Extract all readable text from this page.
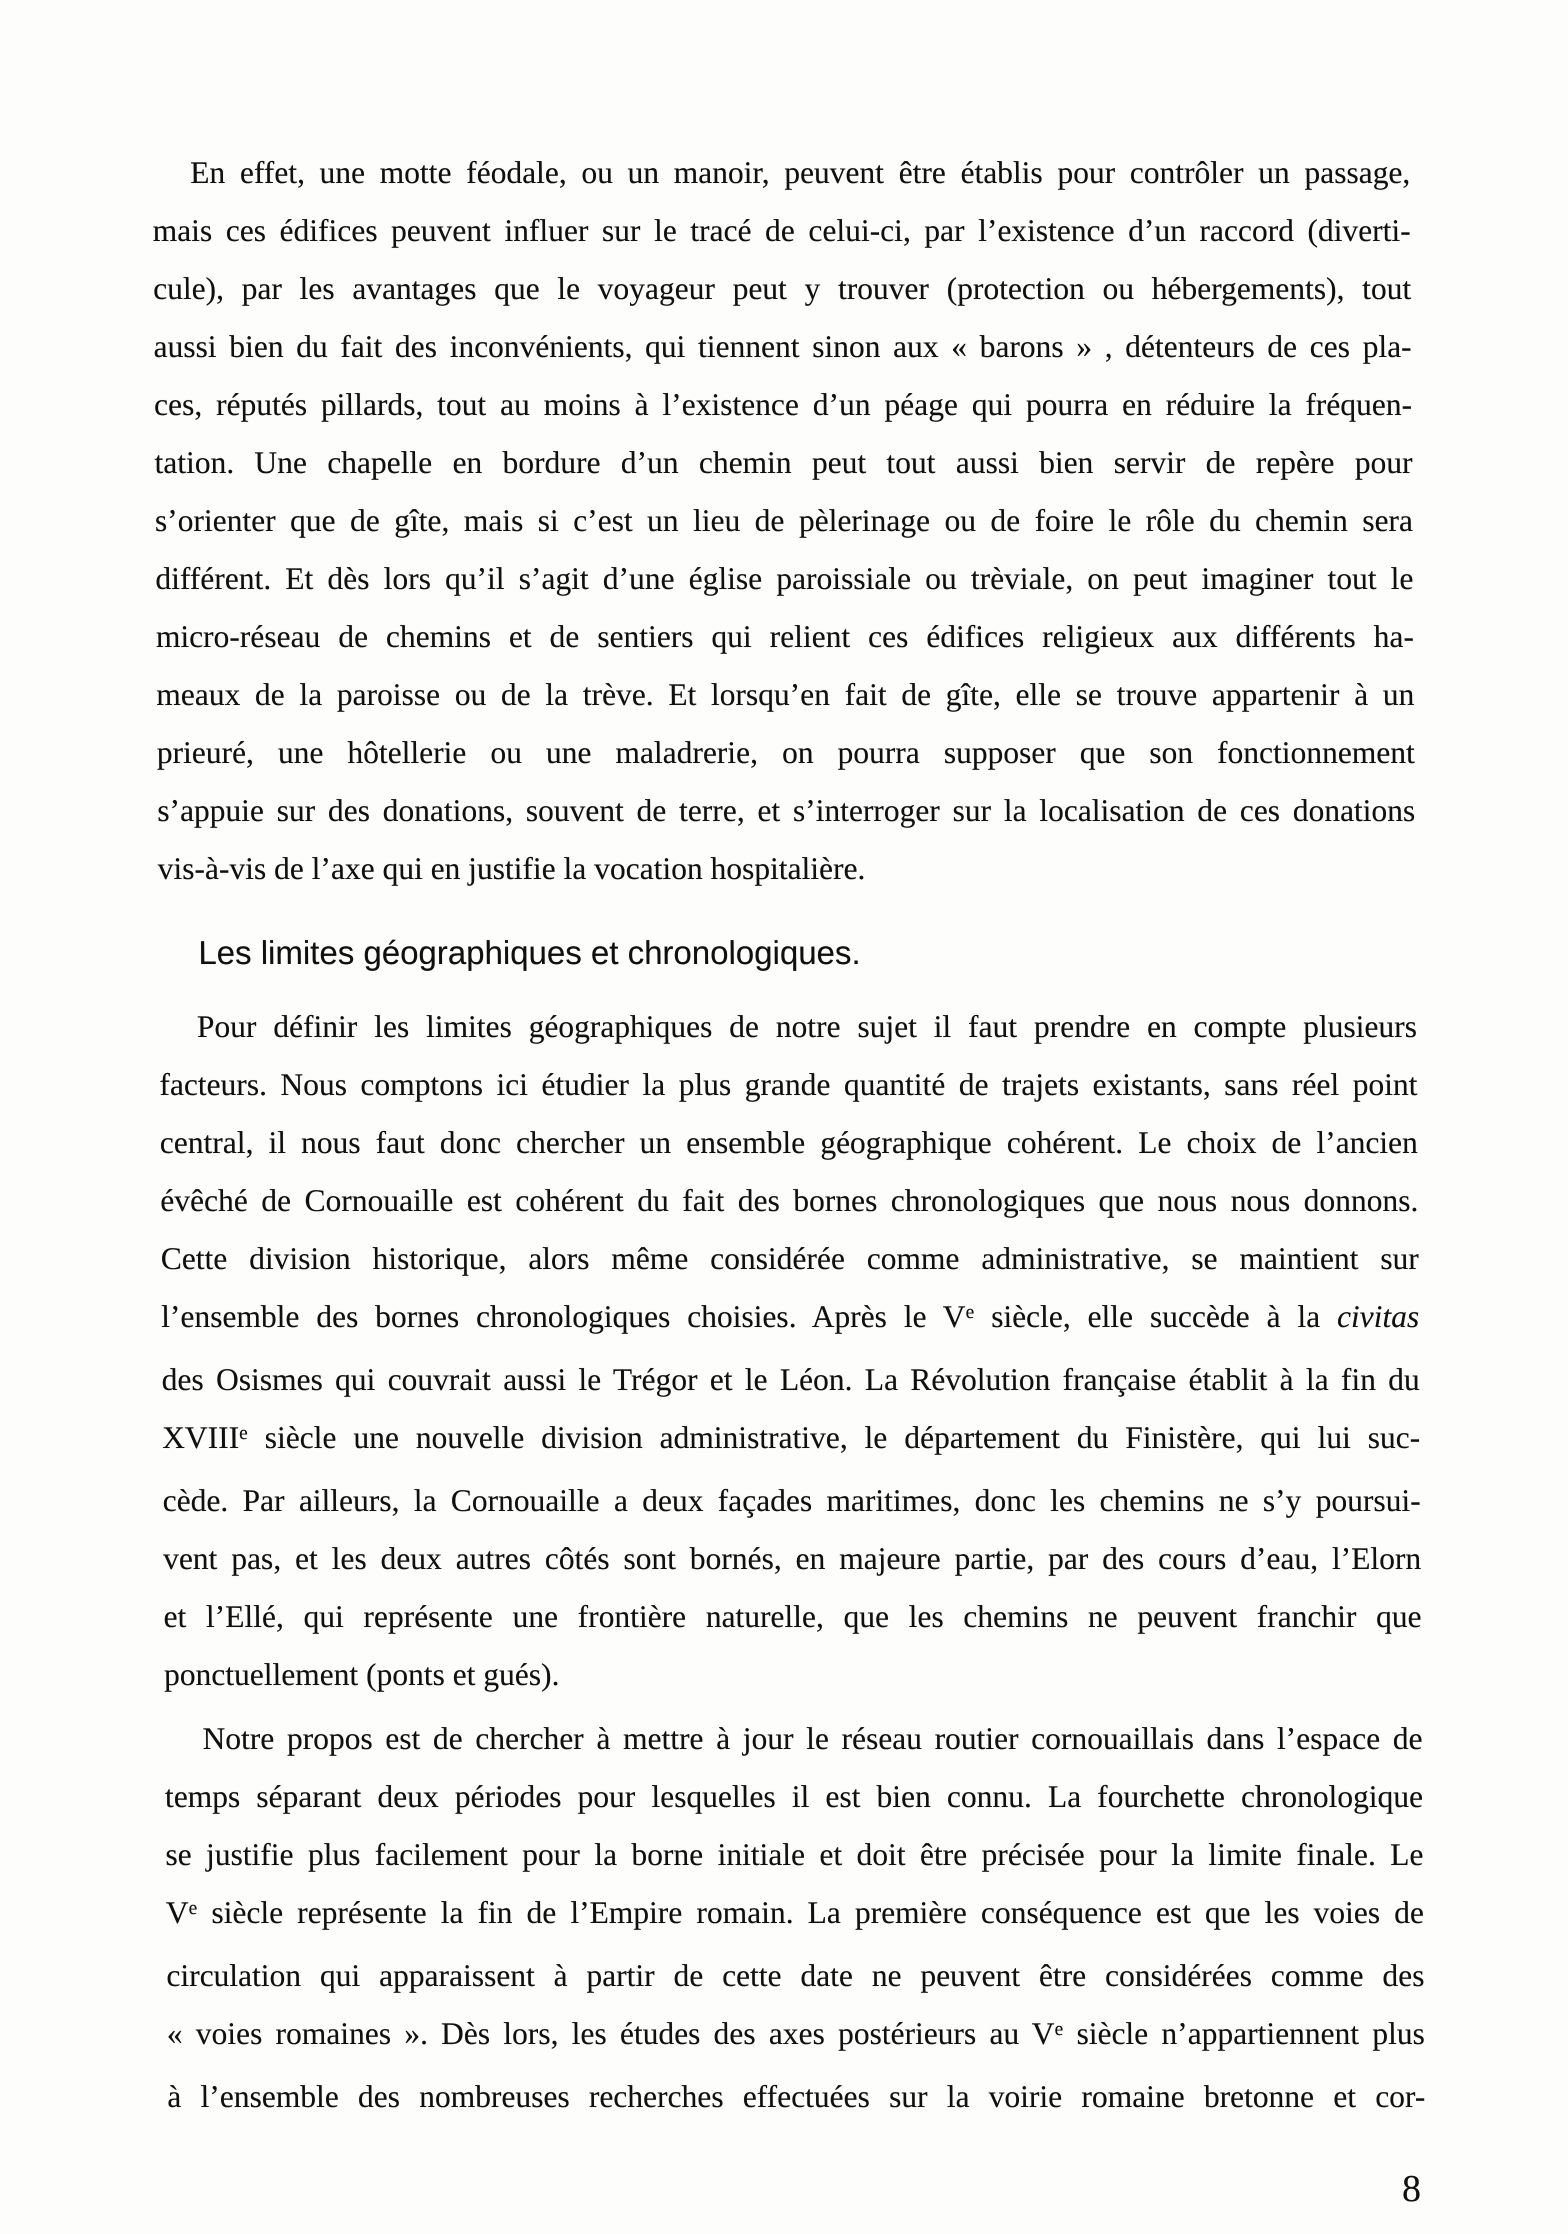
En effet, une motte féodale, ou un manoir, peuvent être établis pour contrôler un passage,
mais ces édifices peuvent influer sur le tracé de celui-ci, par l’existence d’un raccord (diverti-
cule), par les avantages que le voyageur peut y trouver (protection ou hébergements), tout
aussi bien du fait des inconvénients, qui tiennent sinon aux « barons » , détenteurs de ces pla-
ces, réputés pillards, tout au moins à l’existence d’un péage qui pourra en réduire la fréquen-
tation. Une chapelle en bordure d’un chemin peut tout aussi bien servir de repère pour
s’orienter que de gîte, mais si c’est un lieu de pèlerinage ou de foire le rôle du chemin sera
différent. Et dès lors qu’il s’agit d’une église paroissiale ou trèviale, on peut imaginer tout le
micro-réseau de chemins et de sentiers qui relient ces édifices religieux aux différents ha-
meaux de la paroisse ou de la trève. Et lorsqu’en fait de gîte, elle se trouve appartenir à un
prieuré, une hôtellerie ou une maladrerie, on pourra supposer que son fonctionnement
s’appuie sur des donations, souvent de terre, et s’interroger sur la localisation de ces donations
vis-à-vis de l’axe qui en justifie la vocation hospitalière.
Les limites géographiques et chronologiques.
Pour définir les limites géographiques de notre sujet il faut prendre en compte plusieurs
facteurs. Nous comptons ici étudier la plus grande quantité de trajets existants, sans réel point
central, il nous faut donc chercher un ensemble géographique cohérent. Le choix de l’ancien
évêché de Cornouaille est cohérent du fait des bornes chronologiques que nous nous donnons.
Cette division historique, alors même considérée comme administrative, se maintient sur
l’ensemble des bornes chronologiques choisies. Après le Ve siècle, elle succède à la civitas
des Osismes qui couvrait aussi le Trégor et le Léon. La Révolution française établit à la fin du
XVIIIe siècle une nouvelle division administrative, le département du Finistère, qui lui suc-
cède. Par ailleurs, la Cornouaille a deux façades maritimes, donc les chemins ne s’y poursui-
vent pas, et les deux autres côtés sont bornés, en majeure partie, par des cours d’eau, l’Elorn
et l’Ellé, qui représente une frontière naturelle, que les chemins ne peuvent franchir que
ponctuellement (ponts et gués).
Notre propos est de chercher à mettre à jour le réseau routier cornouaillais dans l’espace de
temps séparant deux périodes pour lesquelles il est bien connu. La fourchette chronologique
se justifie plus facilement pour la borne initiale et doit être précisée pour la limite finale. Le
Ve siècle représente la fin de l’Empire romain. La première conséquence est que les voies de
circulation qui apparaissent à partir de cette date ne peuvent être considérées comme des
« voies romaines ». Dès lors, les études des axes postérieurs au Ve siècle n’appartiennent plus
à l’ensemble des nombreuses recherches effectuées sur la voirie romaine bretonne et cor-
8
